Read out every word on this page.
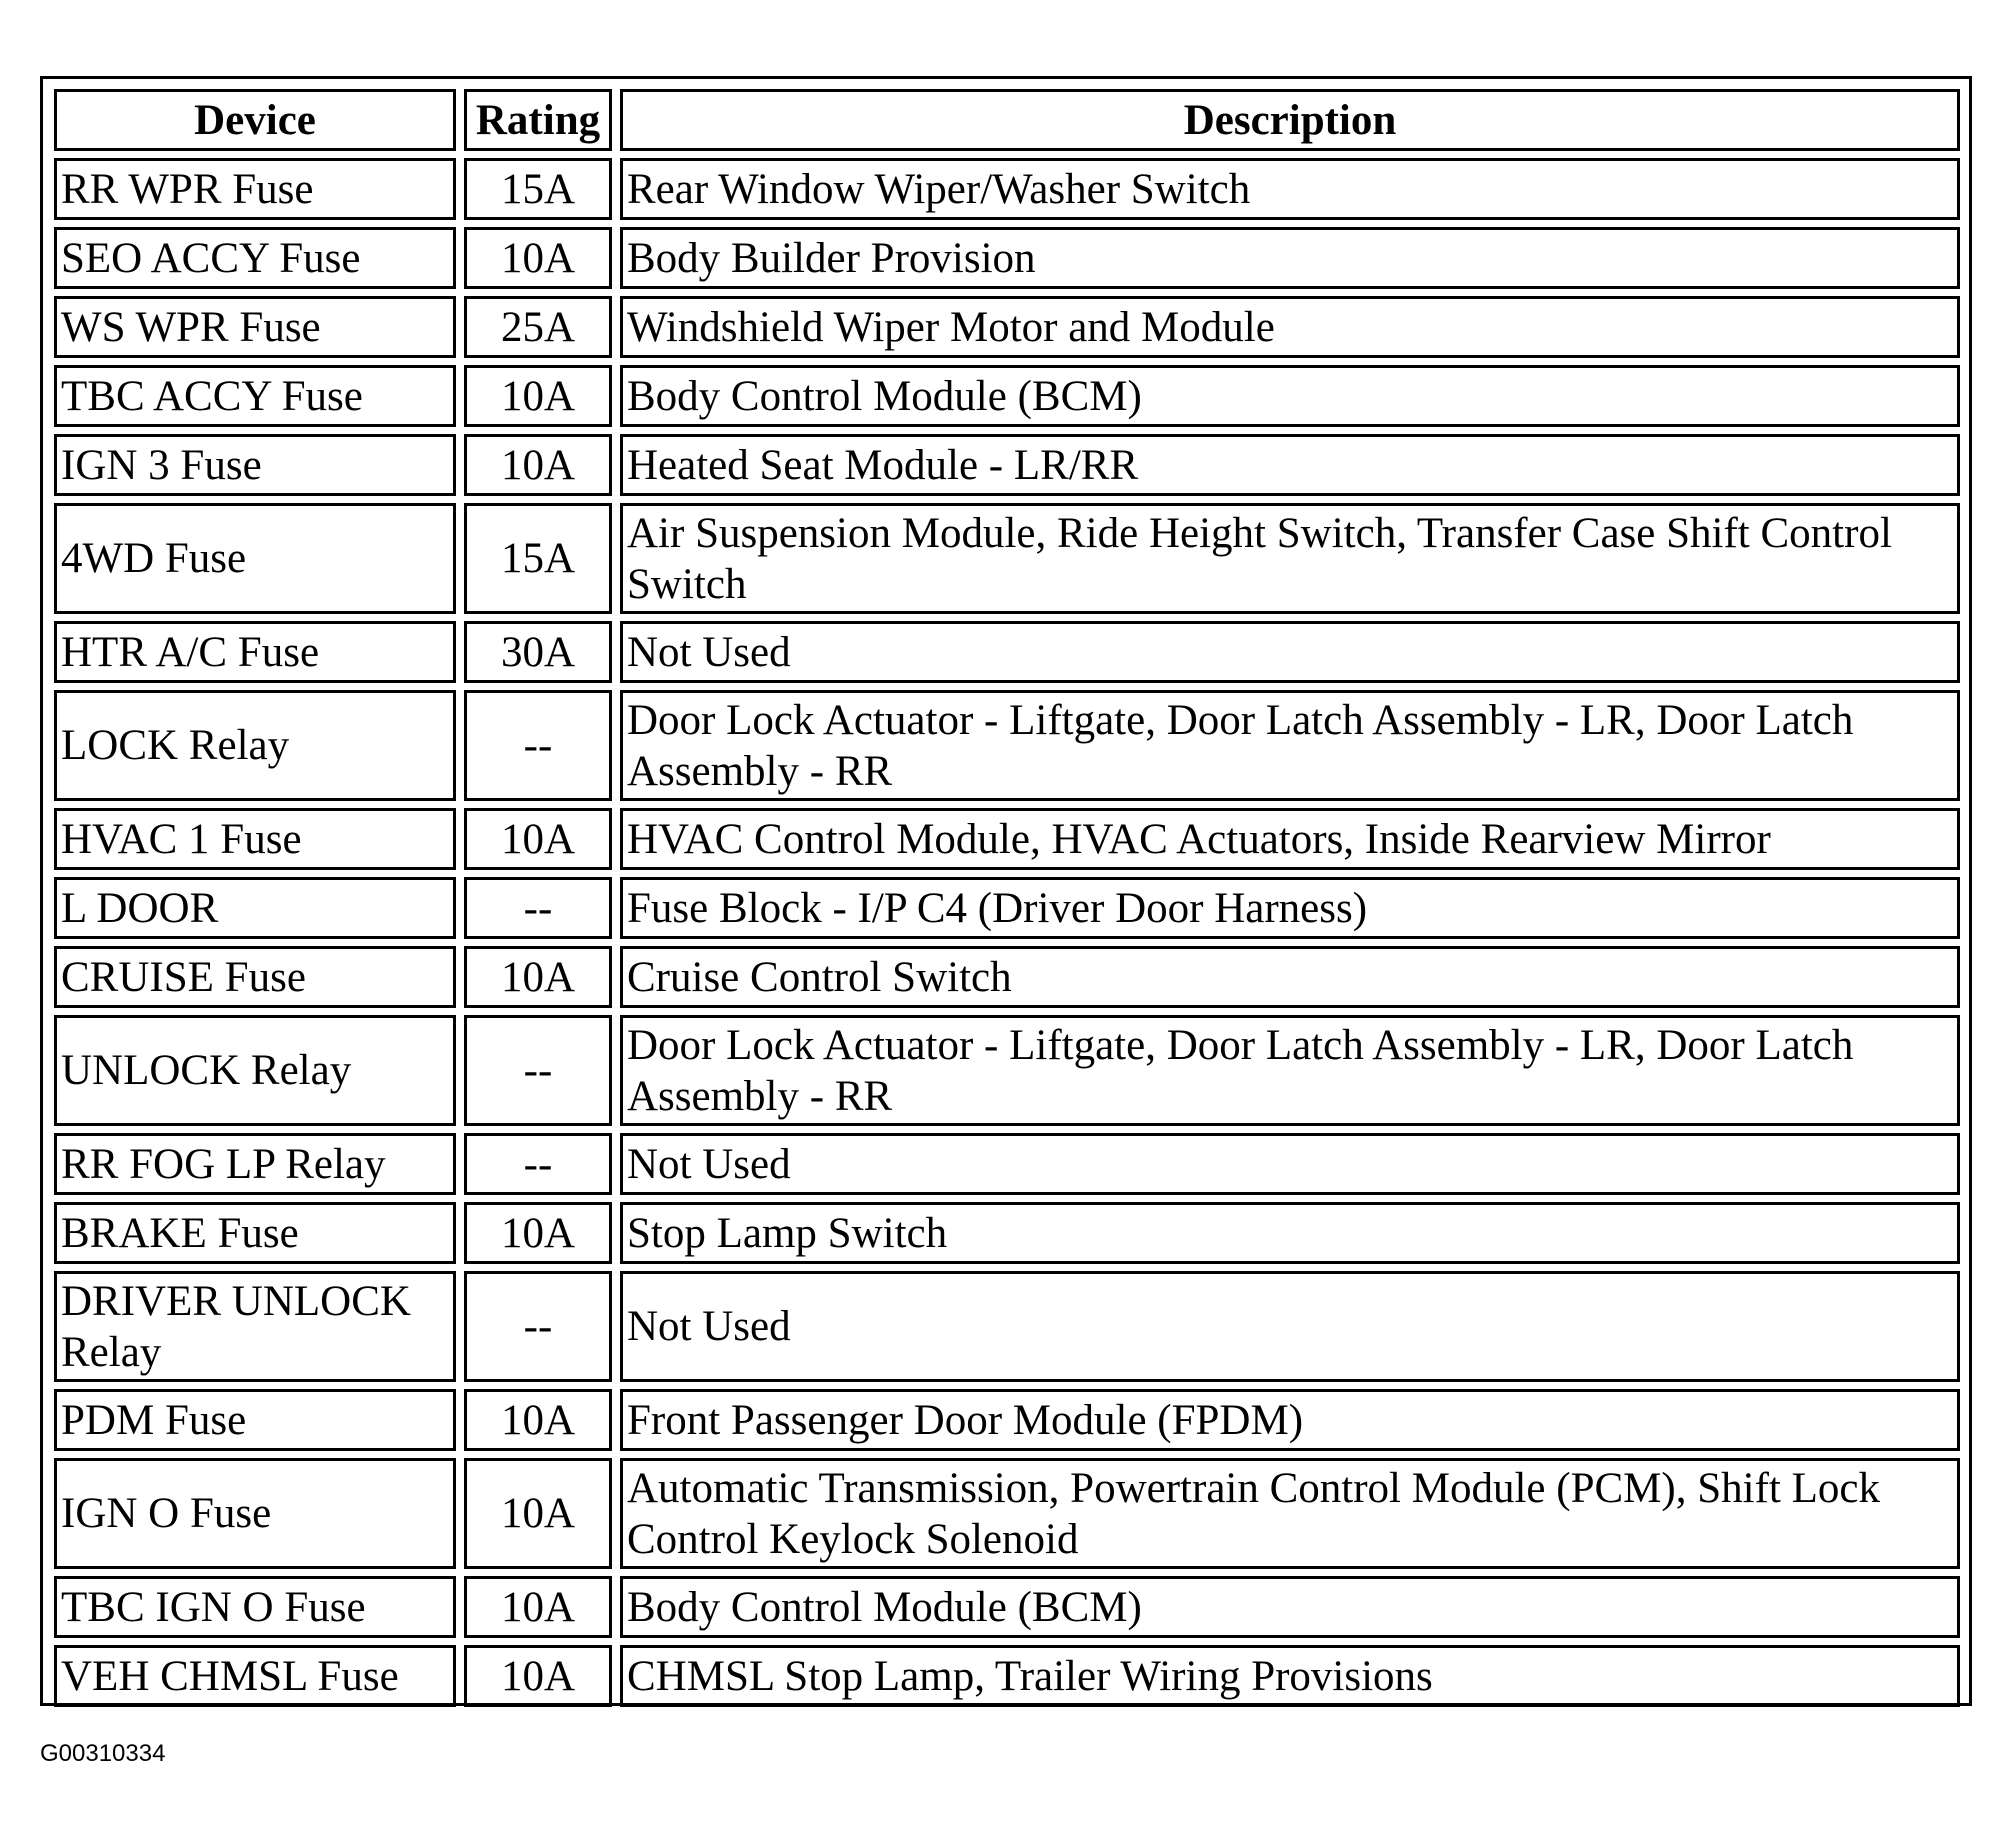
Device	Rating	Description
RR WPR Fuse	15A	Rear Window Wiper/Washer Switch
SEO ACCY Fuse	10A	Body Builder Provision
WS WPR Fuse	25A	Windshield Wiper Motor and Module
TBC ACCY Fuse	10A	Body Control Module (BCM)
IGN 3 Fuse	10A	Heated Seat Module - LR/RR
4WD Fuse	15A	Air Suspension Module, Ride Height Switch, Transfer Case Shift Control Switch
HTR A/C Fuse	30A	Not Used
LOCK Relay	--	Door Lock Actuator - Liftgate, Door Latch Assembly - LR, Door Latch Assembly - RR
HVAC 1 Fuse	10A	HVAC Control Module, HVAC Actuators, Inside Rearview Mirror
L DOOR	--	Fuse Block - I/P C4 (Driver Door Harness)
CRUISE Fuse	10A	Cruise Control Switch
UNLOCK Relay	--	Door Lock Actuator - Liftgate, Door Latch Assembly - LR, Door Latch Assembly - RR
RR FOG LP Relay	--	Not Used
BRAKE Fuse	10A	Stop Lamp Switch
DRIVER UNLOCK Relay	--	Not Used
PDM Fuse	10A	Front Passenger Door Module (FPDM)
IGN O Fuse	10A	Automatic Transmission, Powertrain Control Module (PCM), Shift Lock Control Keylock Solenoid
TBC IGN O Fuse	10A	Body Control Module (BCM)
VEH CHMSL Fuse	10A	CHMSL Stop Lamp, Trailer Wiring Provisions
G00310334
